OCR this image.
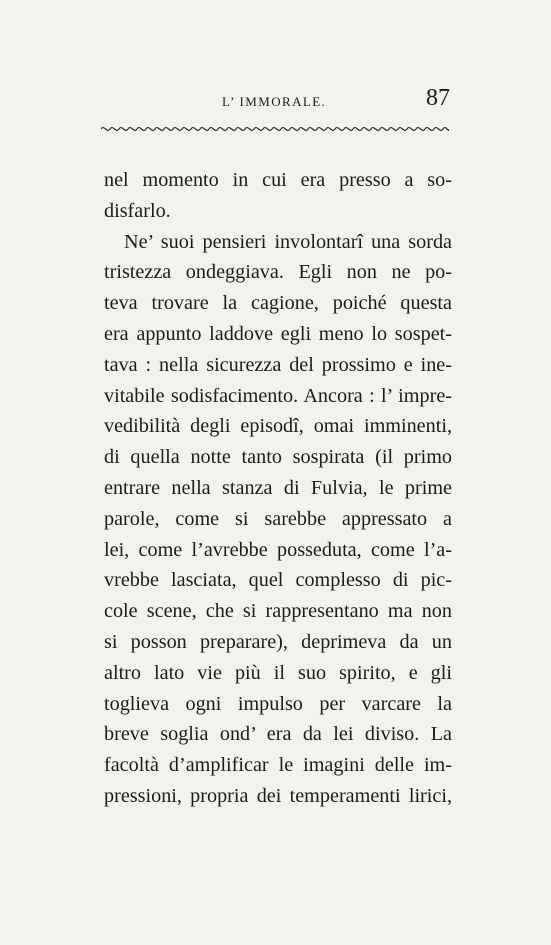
L’ IMMORALE.	87
nel momento in cui era presso a so-
disfarlo.
Ne’ suoi pensieri involontarî una sorda
tristezza ondeggiava. Egli non ne po-
teva trovare la cagione, poiché questa
era appunto laddove egli meno lo sospet-
tava : nella sicurezza del prossimo e ine-
vitabile sodisfacimento. Ancora : l’ impre-
vedibilità degli episodî, omai imminenti,
di quella notte tanto sospirata (il primo
entrare nella stanza di Fulvia, le prime
parole, come si sarebbe appressato a
lei, come l’avrebbe posseduta, come l’a-
vrebbe lasciata, quel complesso di pic-
cole scene, che si rappresentano ma non
si posson preparare), deprimeva da un
altro lato vie più il suo spirito, e gli
toglieva ogni impulso per varcare la
breve soglia ond’ era da lei diviso. La
facoltà d’amplificar le imagini delle im-
pressioni, propria dei temperamenti lirici,
